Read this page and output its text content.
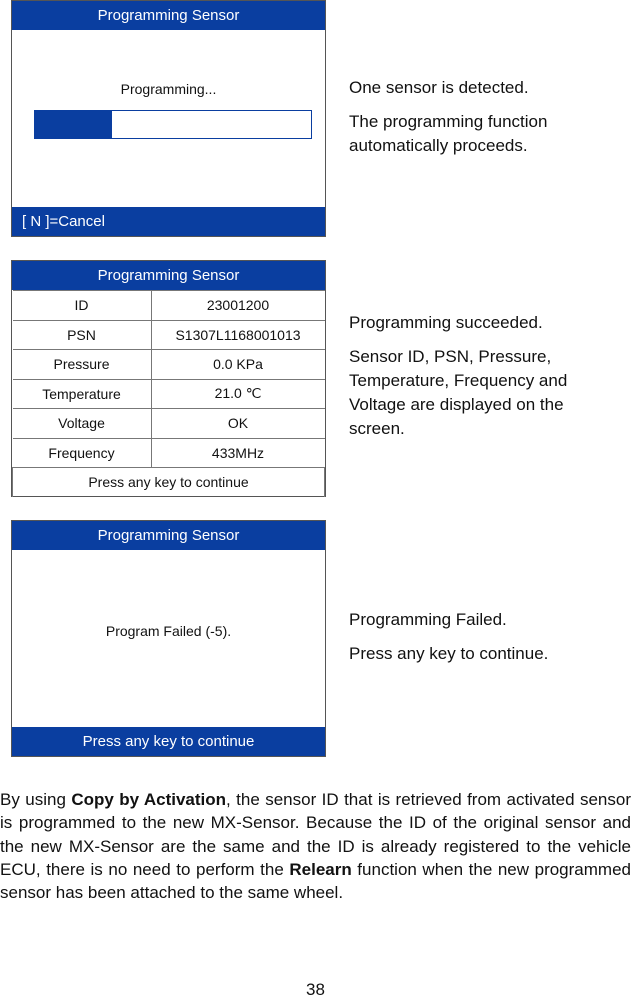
Programming Sensor
Programming...
[ N ]=Cancel

One sensor is detected.

The programming function automatically proceeds.

Programming Sensor
ID	23001200
PSN	S1307L1168001013
Pressure	0.0 KPa
Temperature	21.0 ℃
Voltage	OK
Frequency	433MHz
Press any key to continue	

Programming succeeded.

Sensor ID, PSN, Pressure, Temperature, Frequency and Voltage are displayed on the screen.

Programming Sensor
Program Failed (-5).
Press any key to continue

Programming Failed.

Press any key to continue.

By using Copy by Activation, the sensor ID that is retrieved from activated sensor is programmed to the new MX-Sensor. Because the ID of the original sensor and the new MX-Sensor are the same and the ID is already registered to the vehicle ECU, there is no need to perform the Relearn function when the new programmed sensor has been attached to the same wheel.
38
